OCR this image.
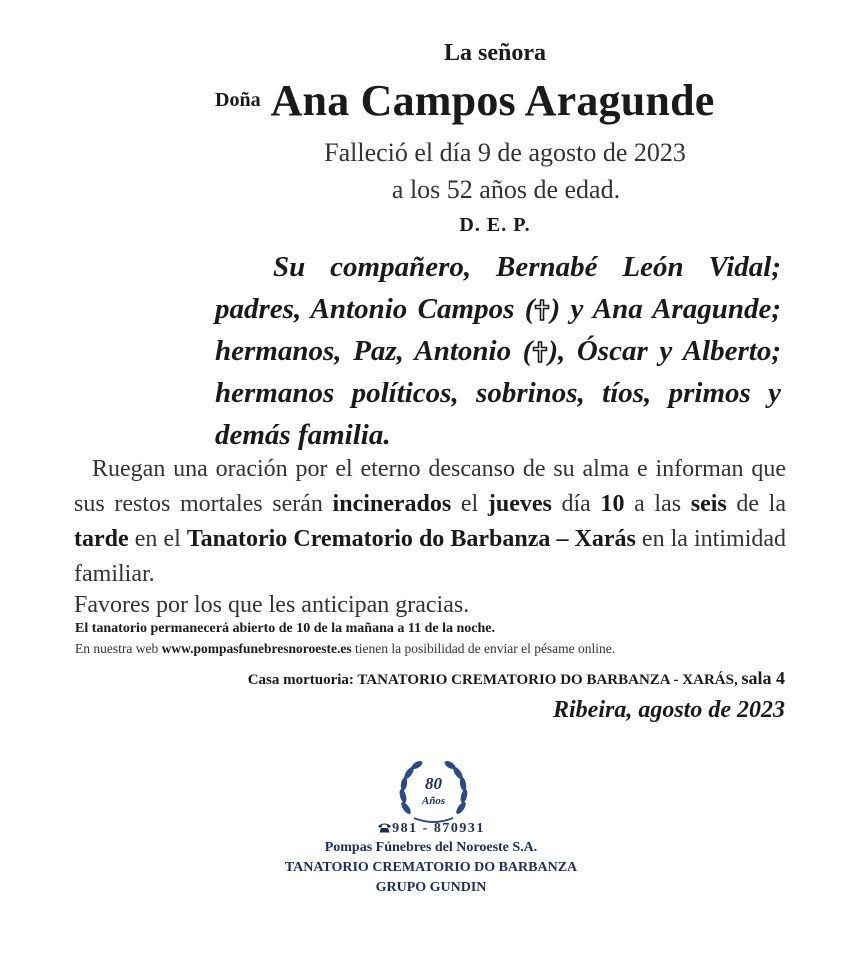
La señora
Doña Ana Campos Aragunde
Falleció el día 9 de agosto de 2023
a los 52 años de edad.
D. E. P.
Su compañero, Bernabé León Vidal; padres, Antonio Campos ( ) y Ana Aragunde; hermanos, Paz, Antonio ( ), Óscar y Alberto; hermanos políticos, sobrinos, tíos, primos y demás familia.
Ruegan una oración por el eterno descanso de su alma e informan que sus restos mortales serán incinerados el jueves día 10 a las seis de la tarde en el Tanatorio Crematorio do Barbanza – Xarás en la intimidad familiar.
Favores por los que les anticipan gracias.
El tanatorio permanecerá abierto de 10 de la mañana a 11 de la noche.
En nuestra web www.pompasfunebresnoroeste.es tienen la posibilidad de enviar el pésame online.
Casa mortuoria: TANATORIO CREMATORIO DO BARBANZA - XARÁS, sala 4
Ribeira, agosto de 2023
80
Años
981 - 870931
Pompas Fúnebres del Noroeste S.A.
TANATORIO CREMATORIO DO BARBANZA
GRUPO GUNDIN
